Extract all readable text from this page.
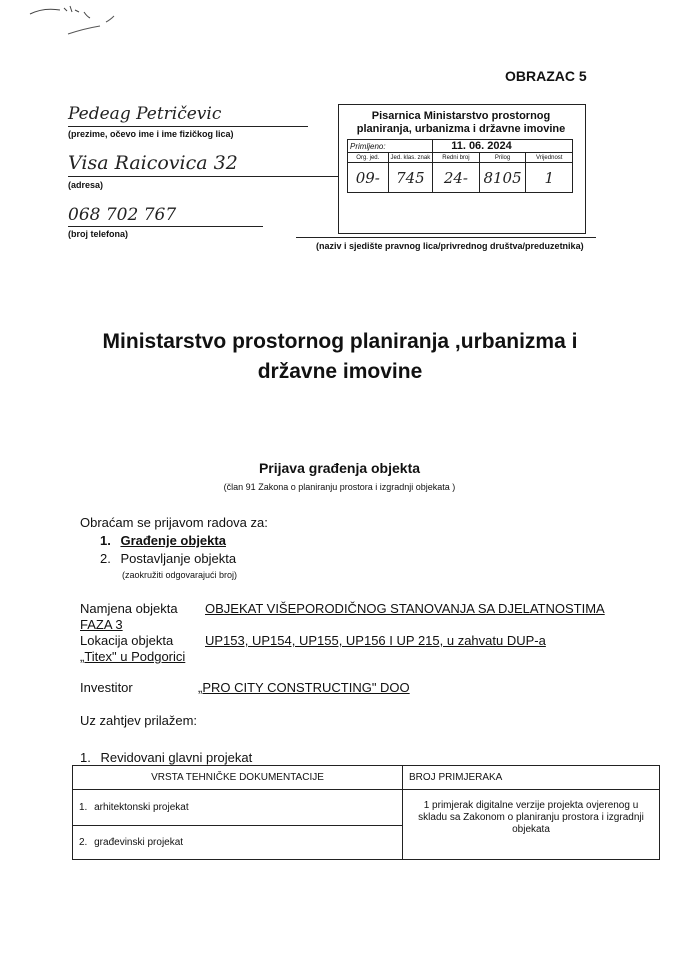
OBRAZAC 5
Pedeag Petričevic
(prezime, očevo ime i ime fizičkog lica)
Visa Raicovica 32
(adresa)
068 702 767
(broj telefona)
Pisarnica Ministarstvo prostornog planiranja, urbanizma i državne imovine
Primljeno:		11. 06. 2024		
Org. jed.	Jed. klas. znak	Redni broj	Prilog	Vrijednost
09-	745	24-	8105	1
(naziv i sjedište pravnog lica/privrednog društva/preduzetnika)
Ministarstvo prostornog planiranja ,urbanizma i državne imovine
Prijava građenja objekta
(član 91 Zakona o planiranju prostora i izgradnji objekata )
Obraćam se prijavom radova za:
1. Građenje objekta
2. Postavljanje objekta
(zaokružiti odgovarajući broj)
Namjena objekta OBJEKAT VIŠEPORODIČNOG STANOVANJA SA DJELATNOSTIMA
FAZA 3
Lokacija objekta UP153, UP154, UP155, UP156 I UP 215, u zahvatu DUP-a
„Titex" u Podgorici
Investitor	„PRO CITY CONSTRUCTING" DOO
Uz zahtjev prilažem:
1. Revidovani glavni projekat
VRSTA TEHNIČKE DOKUMENTACIJE	BROJ PRIMJERAKA
1. arhitektonski projekat	1 primjerak digitalne verzije projekta ovjerenog u skladu sa Zakonom o planiranju prostora i izgradnji objekata
2. građevinski projekat	
